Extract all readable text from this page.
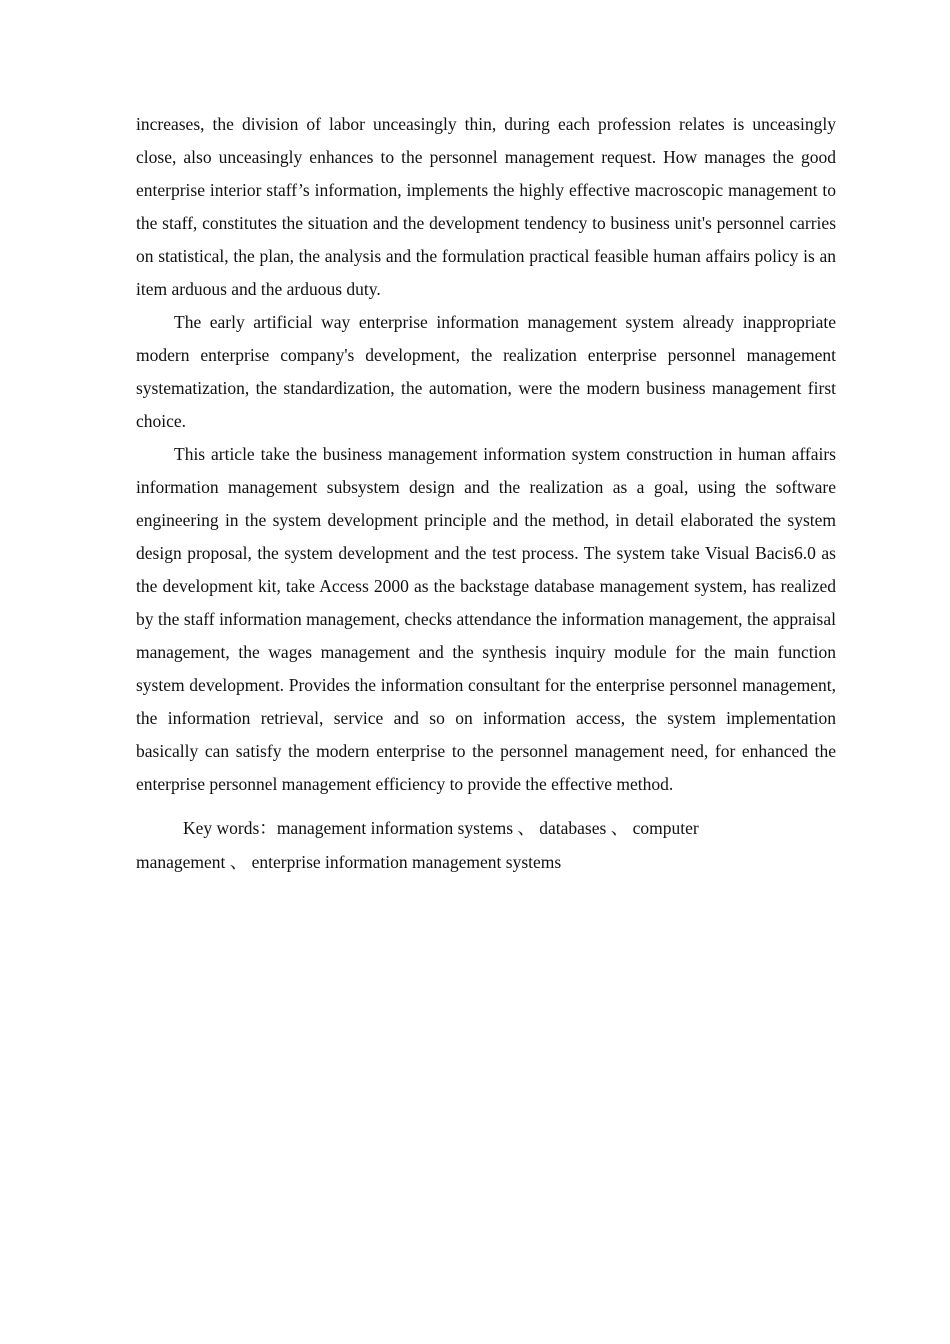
increases, the division of labor unceasingly thin, during each profession relates is unceasingly close, also unceasingly enhances to the personnel management request. How manages the good enterprise interior staff’s information, implements the highly effective macroscopic management to the staff, constitutes the situation and the development tendency to business unit's personnel carries on statistical, the plan, the analysis and the formulation practical feasible human affairs policy is an item arduous and the arduous duty.

The early artificial way enterprise information management system already inappropriate modern enterprise company's development, the realization enterprise personnel management systematization, the standardization, the automation, were the modern business management first choice.

This article take the business management information system construction in human affairs information management subsystem design and the realization as a goal, using the software engineering in the system development principle and the method, in detail elaborated the system design proposal, the system development and the test process. The system take Visual Bacis6.0 as the development kit, take Access 2000 as the backstage database management system, has realized by the staff information management, checks attendance the information management, the appraisal management, the wages management and the synthesis inquiry module for the main function system development. Provides the information consultant for the enterprise personnel management, the information retrieval, service and so on information access, the system implementation basically can satisfy the modern enterprise to the personnel management need, for enhanced the enterprise personnel management efficiency to provide the effective method.

Key words：management information systems 、 databases 、 computer management 、 enterprise information management systems
